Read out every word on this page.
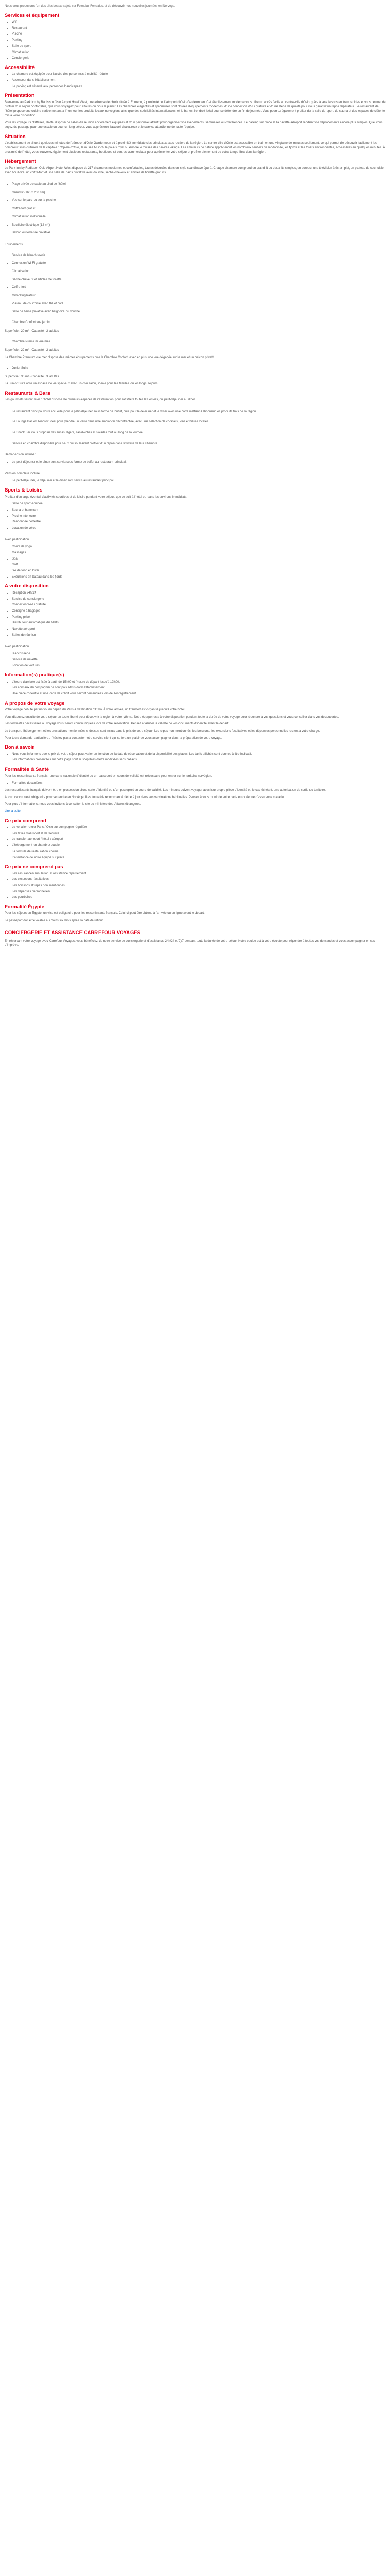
Nous vous proposons l'un des plus beaux trajets sur Fornebu, Ferrades, et de découvrir nos nouvelles journées en Norvège.

Services et équipement
• Wifi
• Restaurant
• Piscine
• Parking
• Salle de sport
• Climatisation
• Conciergerie
Accessibilité
• La chambre est équipée pour l'accès des personnes à mobilité réduite
• Ascenseur dans l'établissement
• Le parking est réservé aux personnes handicapées
Présentation

Bienvenue au Park Inn by Radisson Oslo Airport Hotel West, une adresse de choix située à Fornebu, à proximité de l'aéroport d'Oslo-Gardermoen. Cet établissement moderne vous offre un accès facile au centre-ville d'Oslo grâce à ses liaisons en train rapides et vous permet de profiter d'un séjour confortable, que vous voyagiez pour affaires ou pour le plaisir. Les chambres élégantes et spacieuses sont dotées d'équipements modernes, d'une connexion Wi-Fi gratuite et d'une literie de qualité pour vous garantir un repos réparateur. Le restaurant de l'hôtel propose une cuisine variée mettant à l'honneur les produits locaux norvégiens ainsi que des spécialités internationales, et le bar est l'endroit idéal pour se détendre en fin de journée. Vous pourrez également profiter de la salle de sport, du sauna et des espaces de détente mis à votre disposition.

Pour les voyageurs d'affaires, l'hôtel dispose de salles de réunion entièrement équipées et d'un personnel attentif pour organiser vos événements, séminaires ou conférences. Le parking sur place et la navette aéroport rendent vos déplacements encore plus simples. Que vous soyez de passage pour une escale ou pour un long séjour, vous apprécierez l'accueil chaleureux et le service attentionné de toute l'équipe.

Situation

L'établissement se situe à quelques minutes de l'aéroport d'Oslo-Gardermoen et à proximité immédiate des principaux axes routiers de la région. Le centre-ville d'Oslo est accessible en train en une vingtaine de minutes seulement, ce qui permet de découvrir facilement les nombreux sites culturels de la capitale : l'Opéra d'Oslo, le musée Munch, le palais royal ou encore le musée des navires vikings. Les amateurs de nature apprécieront les nombreux sentiers de randonnée, les fjords et les forêts environnantes, accessibles en quelques minutes. À proximité de l'hôtel, vous trouverez également plusieurs restaurants, boutiques et centres commerciaux pour agrémenter votre séjour et profiter pleinement de votre temps libre dans la région.

Hébergement

Le Park Inn by Radisson Oslo Airport Hotel West dispose de 217 chambres modernes et confortables, toutes décorées dans un style scandinave épuré. Chaque chambre comprend un grand lit ou deux lits simples, un bureau, une télévision à écran plat, un plateau de courtoisie avec bouilloire, un coffre-fort et une salle de bains privative avec douche, sèche-cheveux et articles de toilette gratuits.

• Plage privée de sable au pied de l'hôtel
• Grand lit (160 x 200 cm)
• Vue sur le parc ou sur la piscine
• Coffre-fort gratuit
• Climatisation individuelle
• Bouilloire électrique (12 m²)
• Balcon ou terrasse privative

Equipements :

• Service de blanchisserie
• Connexion Wi-Fi gratuite
• Climatisation
• Sèche-cheveux et articles de toilette
• Coffre-fort
• Mini-réfrigérateur
• Plateau de courtoisie avec thé et café
• Salle de bains privative avec baignoire ou douche
• Chambre Confort vue jardin

Superficie : 20 m² - Capacité : 2 adultes

• Chambre Premium vue mer

Superficie : 22 m² - Capacité : 2 adultes

La Chambre Premium vue mer dispose des mêmes équipements que la Chambre Confort, avec en plus une vue dégagée sur la mer et un balcon privatif.

• Junior Suite

Superficie : 30 m² - Capacité : 3 adultes

La Junior Suite offre un espace de vie spacieux avec un coin salon, idéale pour les familles ou les longs séjours.

Restaurants & Bars

Les gourmets seront ravis : l'hôtel dispose de plusieurs espaces de restauration pour satisfaire toutes les envies, du petit-déjeuner au dîner.

• Le restaurant principal vous accueille pour le petit-déjeuner sous forme de buffet, puis pour le déjeuner et le dîner avec une carte mettant à l'honneur les produits frais de la région.
• Le Lounge Bar est l'endroit idéal pour prendre un verre dans une ambiance décontractée, avec une sélection de cocktails, vins et bières locales.
• Le Snack Bar vous propose des encas légers, sandwiches et salades tout au long de la journée.
• Service en chambre disponible pour ceux qui souhaitent profiter d'un repas dans l'intimité de leur chambre.

Demi-pension incluse :

• Le petit-déjeuner et le dîner sont servis sous forme de buffet au restaurant principal.

Pension complète incluse :

• Le petit-déjeuner, le déjeuner et le dîner sont servis au restaurant principal.
Sports & Loisirs

Profitez d'un large éventail d'activités sportives et de loisirs pendant votre séjour, que ce soit à l'hôtel ou dans les environs immédiats.

• Salle de sport équipée
• Sauna et hammam
• Piscine intérieure
• Randonnée pédestre
• Location de vélos

Avec participation :

• Cours de yoga
• Massages
• Spa
• Golf
• Ski de fond en hiver
• Excursions en bateau dans les fjords
A votre disposition
• Réception 24h/24
• Service de conciergerie
• Connexion Wi-Fi gratuite
• Consigne à bagages
• Parking privé
• Distributeur automatique de billets
• Navette aéroport
• Salles de réunion

Avec participation :

• Blanchisserie
• Service de navette
• Location de voitures
Information(s) pratique(s)
• L'heure d'arrivée est fixée à partir de 15h00 et l'heure de départ jusqu'à 12h00.
• Les animaux de compagnie ne sont pas admis dans l'établissement.
• Une pièce d'identité et une carte de crédit vous seront demandées lors de l'enregistrement.
A propos de votre voyage

Votre voyage débute par un vol au départ de Paris à destination d'Oslo. À votre arrivée, un transfert est organisé jusqu'à votre hôtel.

Vous disposez ensuite de votre séjour en toute liberté pour découvrir la région à votre rythme. Notre équipe reste à votre disposition pendant toute la durée de votre voyage pour répondre à vos questions et vous conseiller dans vos découvertes.

Les formalités nécessaires au voyage vous seront communiquées lors de votre réservation. Pensez à vérifier la validité de vos documents d'identité avant le départ.

Le transport, l'hébergement et les prestations mentionnées ci-dessus sont inclus dans le prix de votre séjour. Les repas non mentionnés, les boissons, les excursions facultatives et les dépenses personnelles restent à votre charge.

Pour toute demande particulière, n'hésitez pas à contacter notre service client qui se fera un plaisir de vous accompagner dans la préparation de votre voyage.

Bon à savoir
• Nous vous informons que le prix de votre séjour peut varier en fonction de la date de réservation et de la disponibilité des places. Les tarifs affichés sont donnés à titre indicatif.
• Les informations présentées sur cette page sont susceptibles d'être modifiées sans préavis.
Formalités & Santé

Pour les ressortissants français, une carte nationale d'identité ou un passeport en cours de validité est nécessaire pour entrer sur le territoire norvégien.

• Formalités douanières

Les ressortissants français doivent être en possession d'une carte d'identité ou d'un passeport en cours de validité. Les mineurs doivent voyager avec leur propre pièce d'identité et, le cas échéant, une autorisation de sortie du territoire.

Aucun vaccin n'est obligatoire pour se rendre en Norvège. Il est toutefois recommandé d'être à jour dans ses vaccinations habituelles. Pensez à vous munir de votre carte européenne d'assurance maladie.

Pour plus d'informations, nous vous invitons à consulter le site du ministère des Affaires étrangères.

Lire la suite

Ce prix comprend
• Le vol aller-retour Paris / Oslo sur compagnie régulière
• Les taxes d'aéroport et de sécurité
• Le transfert aéroport / hôtel / aéroport
• L'hébergement en chambre double
• La formule de restauration choisie
• L'assistance de notre équipe sur place
Ce prix ne comprend pas
• Les assurances annulation et assistance rapatriement
• Les excursions facultatives
• Les boissons et repas non mentionnés
• Les dépenses personnelles
• Les pourboires
Formalité Égypte

Pour les séjours en Égypte, un visa est obligatoire pour les ressortissants français. Celui-ci peut être obtenu à l'arrivée ou en ligne avant le départ.

Le passeport doit être valable au moins six mois après la date de retour.

CONCIERGERIE ET ASSISTANCE CARREFOUR VOYAGES

En réservant votre voyage avec Carrefour Voyages, vous bénéficiez de notre service de conciergerie et d'assistance 24h/24 et 7j/7 pendant toute la durée de votre séjour. Notre équipe est à votre écoute pour répondre à toutes vos demandes et vous accompagner en cas d'imprévu.
